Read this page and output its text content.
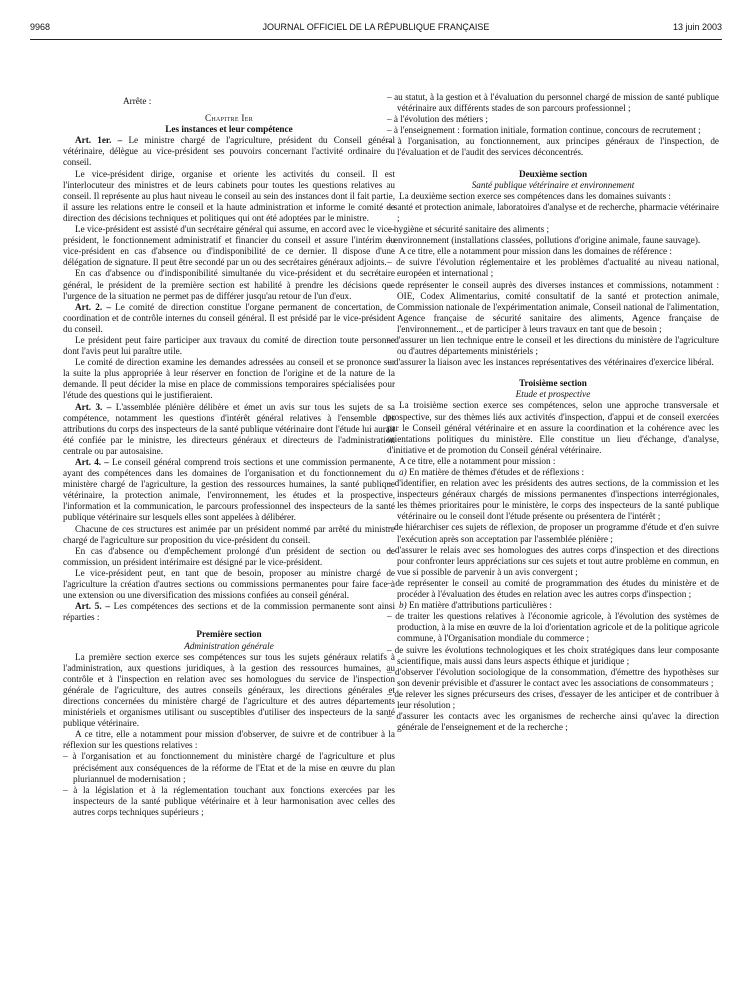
9968	JOURNAL OFFICIEL DE LA RÉPUBLIQUE FRANÇAISE	13 juin 2003

Arrête :

Chapitre Ier

Les instances et leur compétence

Art. 1er. – Le ministre chargé de l'agriculture, président du Conseil général vétérinaire, délègue au vice-président ses pouvoirs concernant l'activité ordinaire du conseil.

Le vice-président dirige, organise et oriente les activités du conseil. Il est l'interlocuteur des ministres et de leurs cabinets pour toutes les questions relatives au conseil. Il représente au plus haut niveau le conseil au sein des instances dont il fait partie, il assure les relations entre le conseil et la haute administration et informe le comité de direction des décisions techniques et politiques qui ont été adoptées par le ministre.

Le vice-président est assisté d'un secrétaire général qui assume, en accord avec le vice-président, le fonctionnement administratif et financier du conseil et assure l'intérim du vice-président en cas d'absence ou d'indisponibilité de ce dernier. Il dispose d'une délégation de signature. Il peut être secondé par un ou des secrétaires généraux adjoints.

En cas d'absence ou d'indisponibilité simultanée du vice-président et du secrétaire général, le président de la première section est habilité à prendre les décisions que l'urgence de la situation ne permet pas de différer jusqu'au retour de l'un d'eux.

Art. 2. – Le comité de direction constitue l'organe permanent de concertation, de coordination et de contrôle internes du conseil général. Il est présidé par le vice-président du conseil.

Le président peut faire participer aux travaux du comité de direction toute personne dont l'avis peut lui paraître utile.

Le comité de direction examine les demandes adressées au conseil et se prononce sur la suite la plus appropriée à leur réserver en fonction de l'origine et de la nature de la demande. Il peut décider la mise en place de commissions temporaires spécialisées pour l'étude des questions qui le justifieraient.

Art. 3. – L'assemblée plénière délibère et émet un avis sur tous les sujets de sa compétence, notamment les questions d'intérêt général relatives à l'ensemble des attributions du corps des inspecteurs de la santé publique vétérinaire dont l'étude lui aurait été confiée par le ministre, les directeurs généraux et directeurs de l'administration centrale ou par autosaisine.

Art. 4. – Le conseil général comprend trois sections et une commission permanente, ayant des compétences dans les domaines de l'organisation et du fonctionnement du ministère chargé de l'agriculture, la gestion des ressources humaines, la santé publique vétérinaire, la protection animale, l'environnement, les études et la prospective, l'information et la communication, le parcours professionnel des inspecteurs de la santé publique vétérinaire sur lesquels elles sont appelées à délibérer.

Chacune de ces structures est animée par un président nommé par arrêté du ministre chargé de l'agriculture sur proposition du vice-président du conseil.

En cas d'absence ou d'empêchement prolongé d'un président de section ou de commission, un président intérimaire est désigné par le vice-président.

Le vice-président peut, en tant que de besoin, proposer au ministre chargé de l'agriculture la création d'autres sections ou commissions permanentes pour faire face à une extension ou une diversification des missions confiées au conseil général.

Art. 5. – Les compétences des sections et de la commission permanente sont ainsi réparties :

Première section

Administration générale

La première section exerce ses compétences sur tous les sujets généraux relatifs à l'administration, aux questions juridiques, à la gestion des ressources humaines, au contrôle et à l'inspection en relation avec ses homologues du service de l'inspection générale de l'agriculture, des autres conseils généraux, les directions générales et directions concernées du ministère chargé de l'agriculture et des autres départements ministériels et organismes utilisant ou susceptibles d'utiliser des inspecteurs de la santé publique vétérinaire.

A ce titre, elle a notamment pour mission d'observer, de suivre et de contribuer à la réflexion sur les questions relatives :

– à l'organisation et au fonctionnement du ministère chargé de l'agriculture et plus précisément aux conséquences de la réforme de l'Etat et de la mise en œuvre du plan pluriannuel de modernisation ;
– à la législation et à la réglementation touchant aux fonctions exercées par les inspecteurs de la santé publique vétérinaire et à leur harmonisation avec celles des autres corps techniques supérieurs ;
– au statut, à la gestion et à l'évaluation du personnel chargé de mission de santé publique vétérinaire aux différents stades de son parcours professionnel ;
– à l'évolution des métiers ;
– à l'enseignement : formation initiale, formation continue, concours de recrutement ;
– à l'organisation, au fonctionnement, aux principes généraux de l'inspection, de l'évaluation et de l'audit des services déconcentrés.

Deuxième section

Santé publique vétérinaire et environnement

La deuxième section exerce ses compétences dans les domaines suivants :

– santé et protection animale, laboratoires d'analyse et de recherche, pharmacie vétérinaire ;
– hygiène et sécurité sanitaire des aliments ;
– environnement (installations classées, pollutions d'origine animale, faune sauvage).

A ce titre, elle a notamment pour mission dans les domaines de référence :

– de suivre l'évolution réglementaire et les problèmes d'actualité au niveau national, européen et international ;
– de représenter le conseil auprès des diverses instances et commissions, notamment : OIE, Codex Alimentarius, comité consultatif de la santé et protection animale, Commission nationale de l'expérimentation animale, Conseil national de l'alimentation, Agence française de sécurité sanitaire des aliments, Agence française de l'environnement.., et de participer à leurs travaux en tant que de besoin ;
– d'assurer un lien technique entre le conseil et les directions du ministère de l'agriculture ou d'autres départements ministériels ;
– d'assurer la liaison avec les instances représentatives des vétérinaires d'exercice libéral.

Troisième section

Etude et prospective

La troisième section exerce ses compétences, selon une approche transversale et prospective, sur des thèmes liés aux activités d'inspection, d'appui et de conseil exercées par le Conseil général vétérinaire et en assure la coordination et la cohérence avec les orientations politiques du ministère. Elle constitue un lieu d'échange, d'analyse, d'initiative et de promotion du Conseil général vétérinaire.

A ce titre, elle a notamment pour mission :

a) En matière de thèmes d'études et de réflexions :

– d'identifier, en relation avec les présidents des autres sections, de la commission et les inspecteurs généraux chargés de missions permanentes d'inspections interrégionales, les thèmes prioritaires pour le ministère, le corps des inspecteurs de la santé publique vétérinaire ou le conseil dont l'étude présente ou présentera de l'intérêt ;
– de hiérarchiser ces sujets de réflexion, de proposer un programme d'étude et d'en suivre l'exécution après son acceptation par l'assemblée plénière ;
– d'assurer le relais avec ses homologues des autres corps d'inspection et des directions pour confronter leurs appréciations sur ces sujets et tout autre problème en commun, en vue si possible de parvenir à un avis convergent ;
– de représenter le conseil au comité de programmation des études du ministère et de procéder à l'évaluation des études en relation avec les autres corps d'inspection ;

b) En matière d'attributions particulières :

– de traiter les questions relatives à l'économie agricole, à l'évolution des systèmes de production, à la mise en œuvre de la loi d'orientation agricole et de la politique agricole commune, à l'Organisation mondiale du commerce ;
– de suivre les évolutions technologiques et les choix stratégiques dans leur composante scientifique, mais aussi dans leurs aspects éthique et juridique ;
– d'observer l'évolution sociologique de la consommation, d'émettre des hypothèses sur son devenir prévisible et d'assurer le contact avec les associations de consommateurs ;
– de relever les signes précurseurs des crises, d'essayer de les anticiper et de contribuer à leur résolution ;
– d'assurer les contacts avec les organismes de recherche ainsi qu'avec la direction générale de l'enseignement et de la recherche ;
